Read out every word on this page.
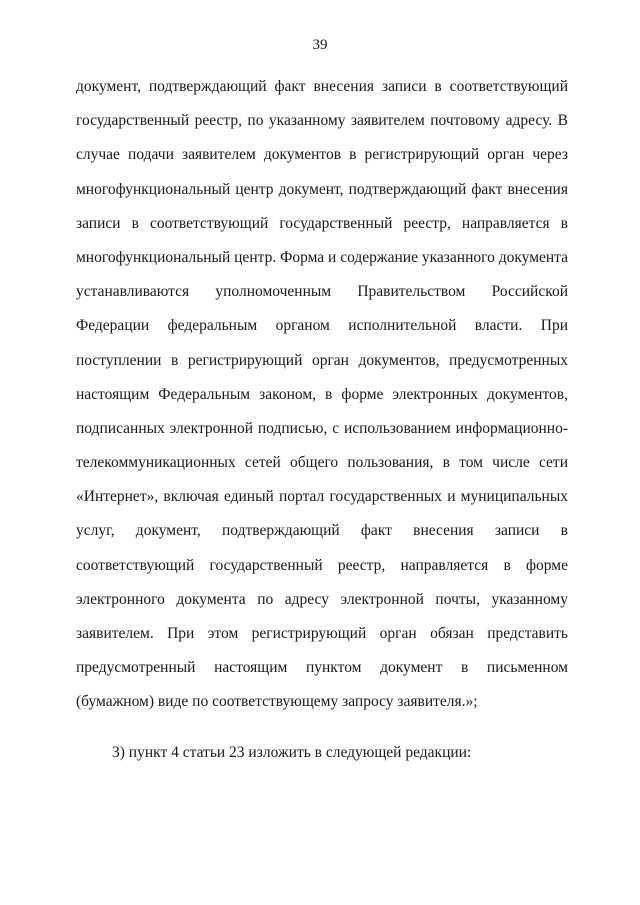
39
документ, подтверждающий факт внесения записи в соответствующий
государственный реестр, по указанному заявителем почтовому адресу. В
случае подачи заявителем документов в регистрирующий орган через
многофункциональный центр документ, подтверждающий факт внесения
записи в соответствующий государственный реестр, направляется в
многофункциональный центр. Форма и содержание указанного документа
устанавливаются уполномоченным Правительством Российской
Федерации федеральным органом исполнительной власти. При
поступлении в регистрирующий орган документов, предусмотренных
настоящим Федеральным законом, в форме электронных документов,
подписанных электронной подписью, с использованием информационно-
телекоммуникационных сетей общего пользования, в том числе сети
«Интернет», включая единый портал государственных и муниципальных
услуг, документ, подтверждающий факт внесения записи в
соответствующий государственный реестр, направляется в форме
электронного документа по адресу электронной почты, указанному
заявителем. При этом регистрирующий орган обязан представить
предусмотренный настоящим пунктом документ в письменном
(бумажном) виде по соответствующему запросу заявителя.»;
3) пункт 4 статьи 23 изложить в следующей редакции:
